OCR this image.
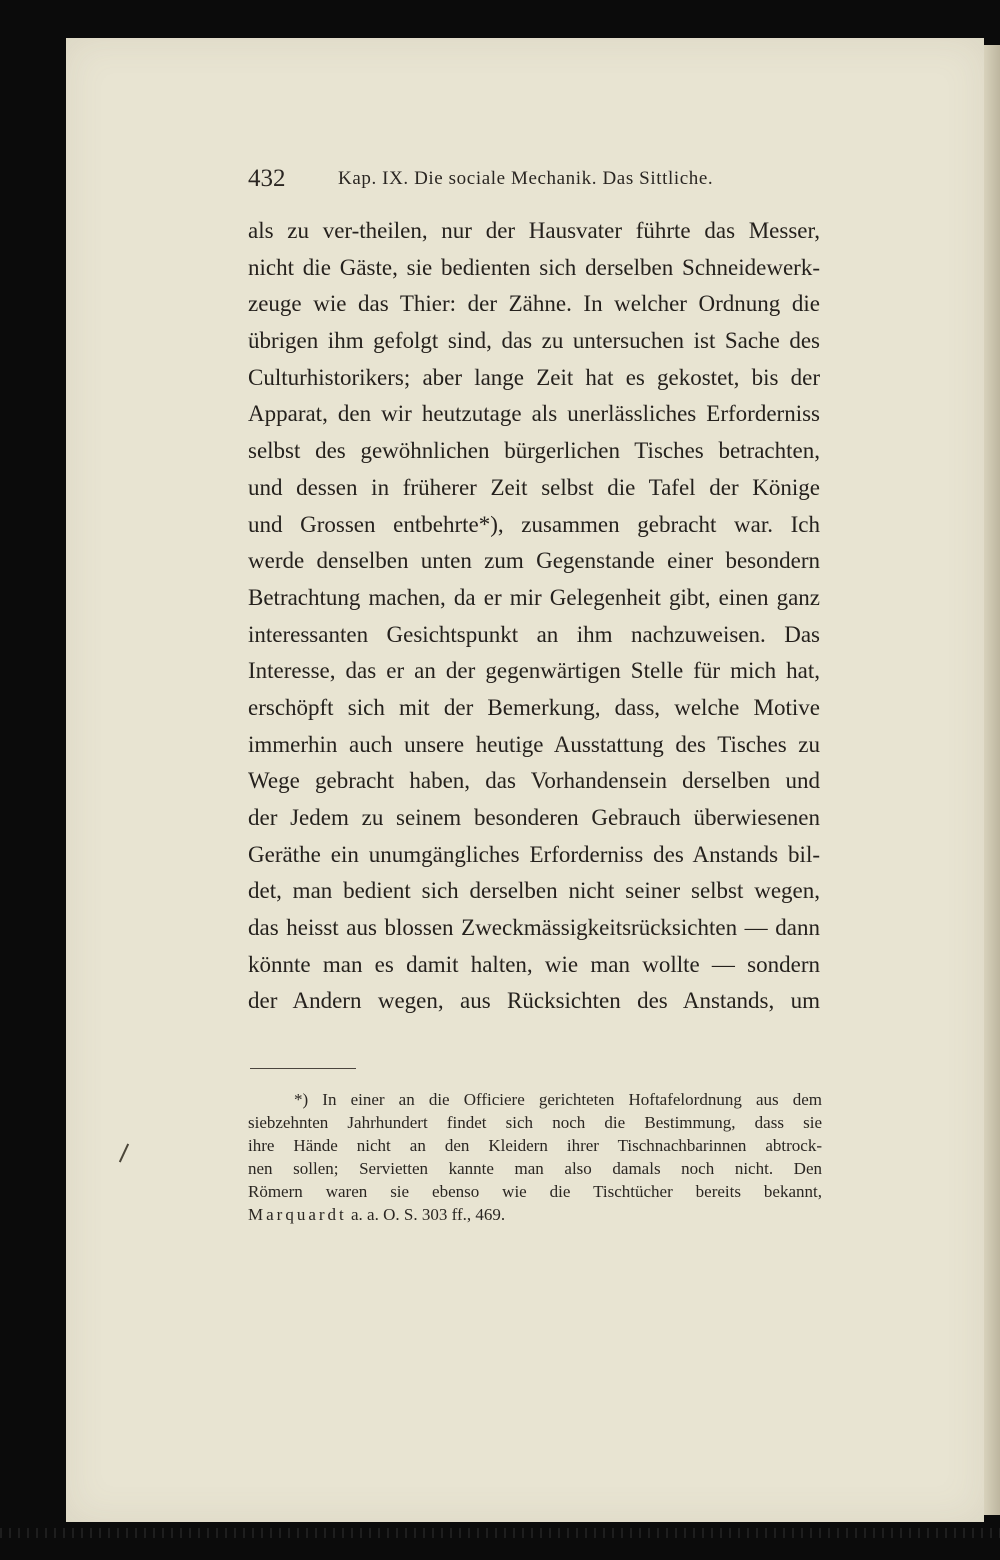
432	Kap. IX. Die sociale Mechanik. Das Sittliche.
als zu ver-theilen, nur der Hausvater führte das Messer,
nicht die Gäste, sie bedienten sich derselben Schneidewerk-
zeuge wie das Thier: der Zähne. In welcher Ordnung die
übrigen ihm gefolgt sind, das zu untersuchen ist Sache des
Culturhistorikers; aber lange Zeit hat es gekostet, bis der
Apparat, den wir heutzutage als unerlässliches Erforderniss
selbst des gewöhnlichen bürgerlichen Tisches betrachten,
und dessen in früherer Zeit selbst die Tafel der Könige
und Grossen entbehrte*), zusammen gebracht war. Ich
werde denselben unten zum Gegenstande einer besondern
Betrachtung machen, da er mir Gelegenheit gibt, einen ganz
interessanten Gesichtspunkt an ihm nachzuweisen. Das
Interesse, das er an der gegenwärtigen Stelle für mich hat,
erschöpft sich mit der Bemerkung, dass, welche Motive
immerhin auch unsere heutige Ausstattung des Tisches zu
Wege gebracht haben, das Vorhandensein derselben und
der Jedem zu seinem besonderen Gebrauch überwiesenen
Geräthe ein unumgängliches Erforderniss des Anstands bil-
det, man bedient sich derselben nicht seiner selbst wegen,
das heisst aus blossen Zweckmässigkeitsrücksichten — dann
könnte man es damit halten, wie man wollte — sondern
der Andern wegen, aus Rücksichten des Anstands, um
*) In einer an die Officiere gerichteten Hoftafelordnung aus dem
siebzehnten Jahrhundert findet sich noch die Bestimmung, dass sie
ihre Hände nicht an den Kleidern ihrer Tischnachbarinnen abtrock-
nen sollen; Servietten kannte man also damals noch nicht. Den
Römern waren sie ebenso wie die Tischtücher bereits bekannt,
Marquardt a. a. O. S. 303 ff., 469.
